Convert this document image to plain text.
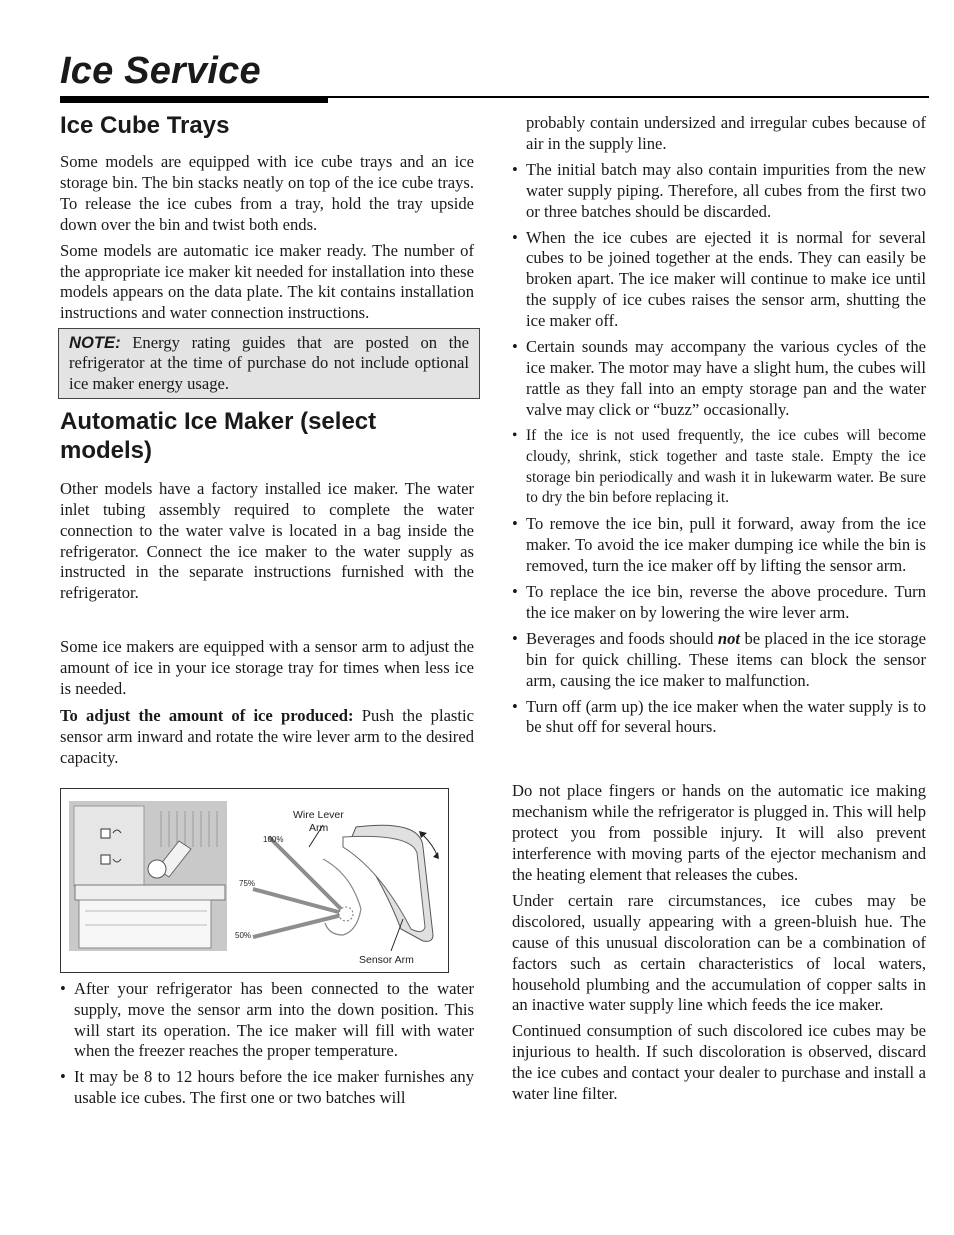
Ice Service
Ice Cube Trays

Some models are equipped with ice cube trays and an ice storage bin. The bin stacks neatly on top of the ice cube trays. To release the ice cubes from a tray, hold the tray upside down over the bin and twist both ends.

Some models are automatic ice maker ready. The number of the appropriate ice maker kit needed for installation into these models appears on the data plate. The kit contains installation instructions and water connection instructions.

NOTE: Energy rating guides that are posted on the refrigerator at the time of purchase do not include optional ice maker energy usage.
Automatic Ice Maker (select models)

Other models have a factory installed ice maker. The water inlet tubing assembly required to complete the water connection to the water valve is located in a bag inside the refrigerator. Connect the ice maker to the water supply as instructed in the separate instructions furnished with the refrigerator.

Some ice makers are equipped with a sensor arm to adjust the amount of ice in your ice storage tray for times when less ice is needed.

To adjust the amount of ice produced: Push the plastic sensor arm inward and rotate the wire lever arm to the desired capacity.

Wire Lever
Arm
Sensor Arm
100%
75%
50%
• After your refrigerator has been connected to the water supply, move the sensor arm into the down position. This will start its operation. The ice maker will fill with water when the freezer reaches the proper temperature.
• It may be 8 to 12 hours before the ice maker furnishes any usable ice cubes. The first one or two batches will
probably contain undersized and irregular cubes because of air in the supply line.
• The initial batch may also contain impurities from the new water supply piping. Therefore, all cubes from the first two or three batches should be discarded.
• When the ice cubes are ejected it is normal for several cubes to be joined together at the ends. They can easily be broken apart. The ice maker will continue to make ice until the supply of ice cubes raises the sensor arm, shutting the ice maker off.
• Certain sounds may accompany the various cycles of the ice maker. The motor may have a slight hum, the cubes will rattle as they fall into an empty storage pan and the water valve may click or “buzz” occasionally.
• If the ice is not used frequently, the ice cubes will become cloudy, shrink, stick together and taste stale. Empty the ice storage bin periodically and wash it in lukewarm water. Be sure to dry the bin before replacing it.
• To remove the ice bin, pull it forward, away from the ice maker. To avoid the ice maker dumping ice while the bin is removed, turn the ice maker off by lifting the sensor arm.
• To replace the ice bin, reverse the above procedure. Turn the ice maker on by lowering the wire lever arm.
• Beverages and foods should not be placed in the ice storage bin for quick chilling. These items can block the sensor arm, causing the ice maker to malfunction.
• Turn off (arm up) the ice maker when the water supply is to be shut off for several hours.

Do not place fingers or hands on the automatic ice making mechanism while the refrigerator is plugged in. This will help protect you from possible injury. It will also prevent interference with moving parts of the ejector mechanism and the heating element that releases the cubes.

Under certain rare circumstances, ice cubes may be discolored, usually appearing with a green-bluish hue. The cause of this unusual discoloration can be a combination of factors such as certain characteristics of local waters, household plumbing and the accumulation of copper salts in an inactive water supply line which feeds the ice maker.

Continued consumption of such discolored ice cubes may be injurious to health. If such discoloration is observed, discard the ice cubes and contact your dealer to purchase and install a water line filter.
